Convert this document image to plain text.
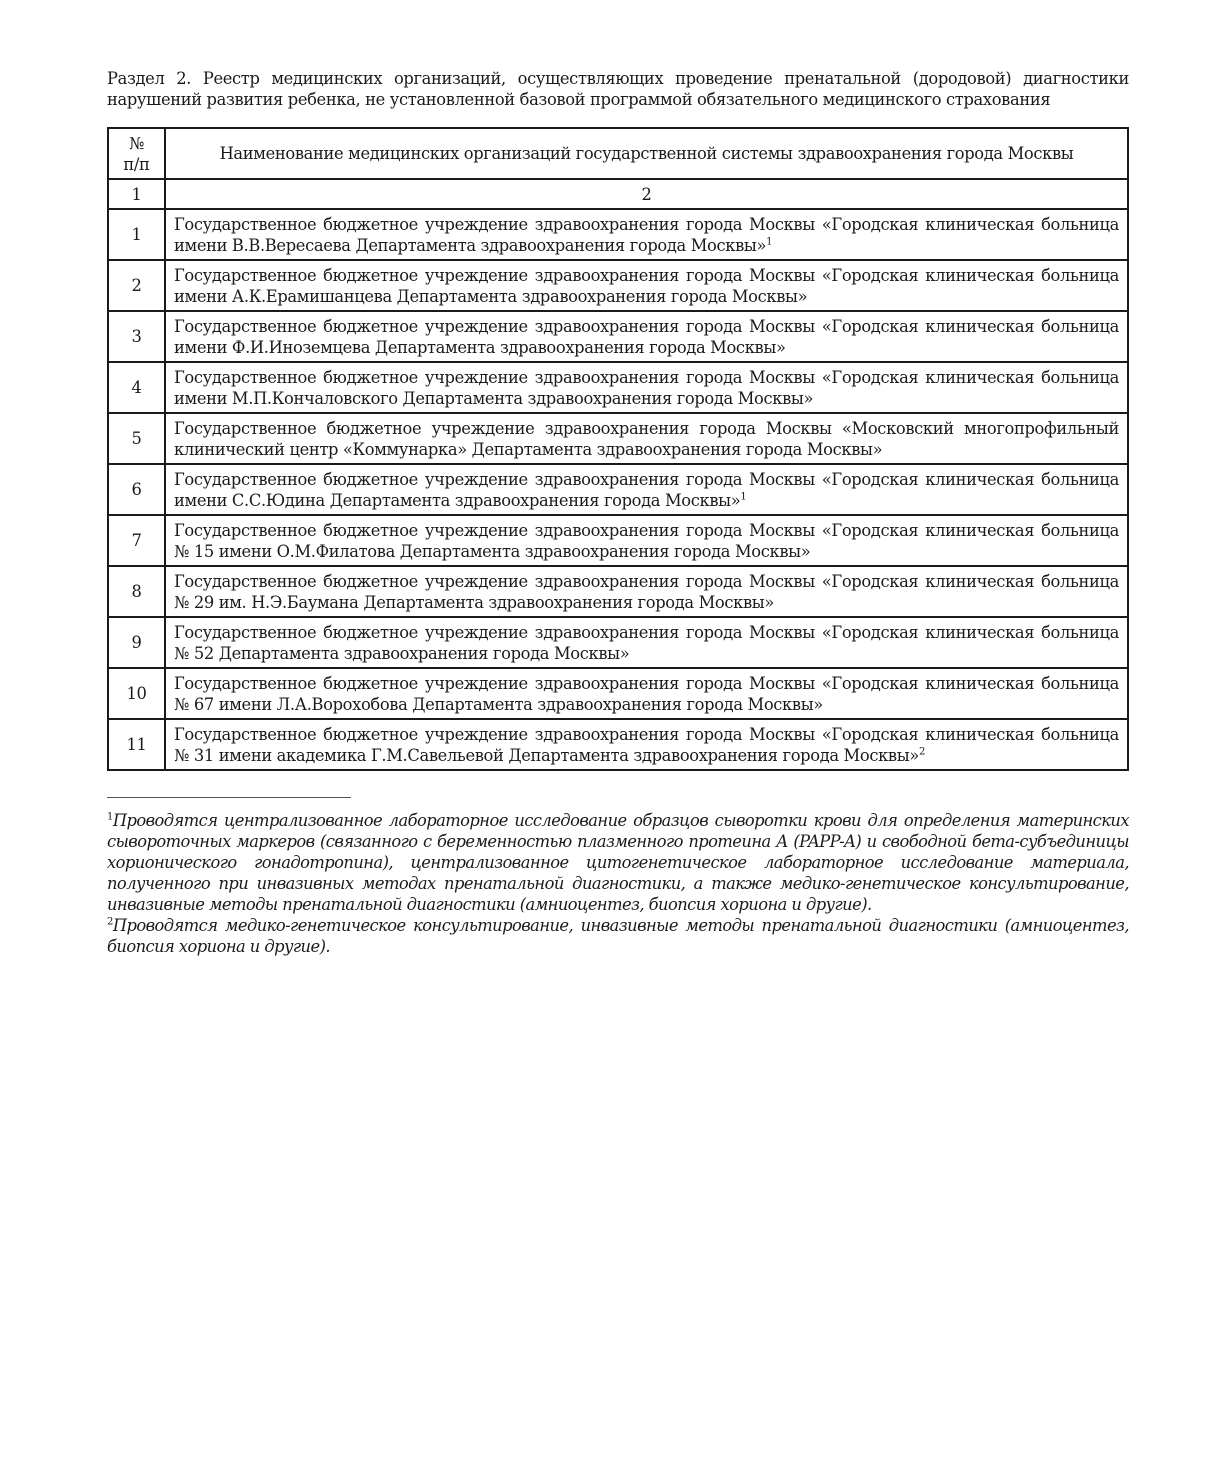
Раздел 2. Реестр медицинских организаций, осуществляющих проведение пренатальной (дородовой) диагностики нарушений развития ребенка, не установленной базовой программой обязательного медицинского страхования

№ п/п	Наименование медицинских организаций государственной системы здравоохранения города Москвы
1	2
1	Государственное бюджетное учреждение здравоохранения города Москвы «Городская клиническая больница имени В.В.Вересаева Департамента здравоохранения города Москвы»$^1$
2	Государственное бюджетное учреждение здравоохранения города Москвы «Городская клиническая больница имени А.К.Ерамишанцева Департамента здравоохранения города Москвы»
3	Государственное бюджетное учреждение здравоохранения города Москвы «Городская клиническая больница имени Ф.И.Иноземцева Департамента здравоохранения города Москвы»
4	Государственное бюджетное учреждение здравоохранения города Москвы «Городская клиническая больница имени М.П.Кончаловского Департамента здравоохранения города Москвы»
5	Государственное бюджетное учреждение здравоохранения города Москвы «Московский многопрофильный клинический центр «Коммунарка» Департамента здравоохранения города Москвы»
6	Государственное бюджетное учреждение здравоохранения города Москвы «Городская клиническая больница имени С.С.Юдина Департамента здравоохранения города Москвы»$^1$
7	Государственное бюджетное учреждение здравоохранения города Москвы «Городская клиническая больница № 15 имени О.М.Филатова Департамента здравоохранения города Москвы»
8	Государственное бюджетное учреждение здравоохранения города Москвы «Городская клиническая больница № 29 им. Н.Э.Баумана Департамента здравоохранения города Москвы»
9	Государственное бюджетное учреждение здравоохранения города Москвы «Городская клиническая больница № 52 Департамента здравоохранения города Москвы»
10	Государственное бюджетное учреждение здравоохранения города Москвы «Городская клиническая больница № 67 имени Л.А.Ворохобова Департамента здравоохранения города Москвы»
11	Государственное бюджетное учреждение здравоохранения города Москвы «Городская клиническая больница № 31 имени академика Г.М.Савельевой Департамента здравоохранения города Москвы»$^2$

$^1$Проводятся централизованное лабораторное исследование образцов сыворотки крови для определения материнских сывороточных маркеров (связанного с беременностью плазменного протеина А (PAPP-A) и свободной бета-субъединицы хорионического гонадотропина), централизованное цитогенетическое лабораторное исследование материала, полученного при инвазивных методах пренатальной диагностики, а также медико-генетическое консультирование, инвазивные методы пренатальной диагностики (амниоцентез, биопсия хориона и другие).

$^2$Проводятся медико-генетическое консультирование, инвазивные методы пренатальной диагностики (амниоцентез, биопсия хориона и другие).
